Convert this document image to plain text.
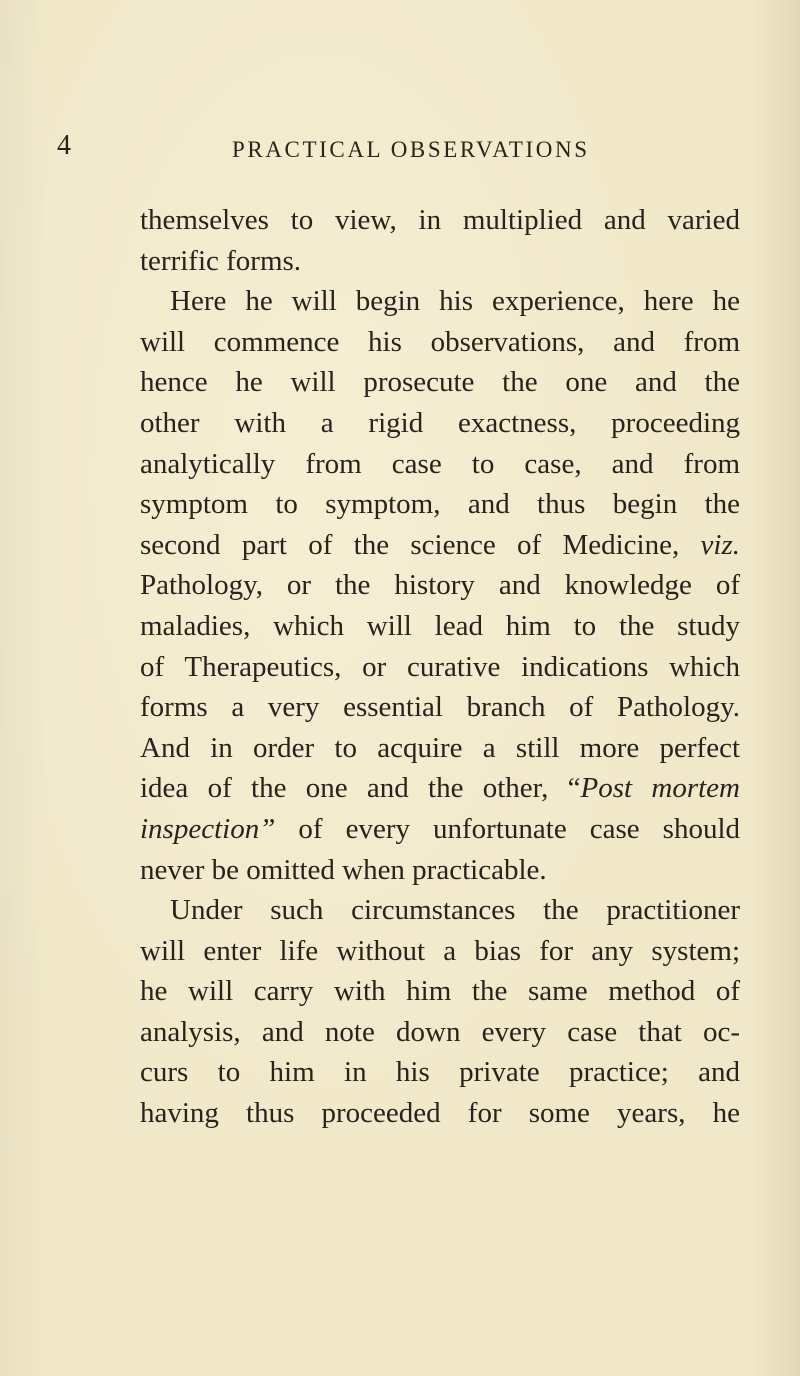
4	PRACTICAL OBSERVATIONS
themselves to view, in multiplied and varied
terrific forms.
Here he will begin his experience, here he
will commence his observations, and from
hence he will prosecute the one and the
other with a rigid exactness, proceeding
analytically from case to case, and from
symptom to symptom, and thus begin the
second part of the science of Medicine, viz.
Pathology, or the history and knowledge of
maladies, which will lead him to the study
of Therapeutics, or curative indications which
forms a very essential branch of Pathology.
And in order to acquire a still more perfect
idea of the one and the other, “Post mortem
inspection” of every unfortunate case should
never be omitted when practicable.
Under such circumstances the practitioner
will enter life without a bias for any system;
he will carry with him the same method of
analysis, and note down every case that oc-
curs to him in his private practice; and
having thus proceeded for some years, he
